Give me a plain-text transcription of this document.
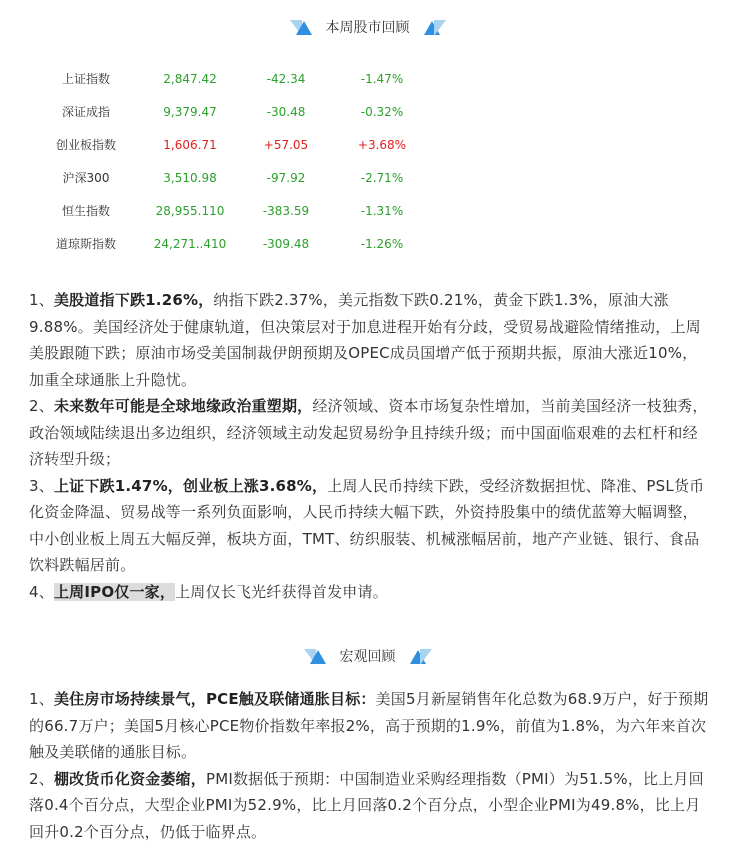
本周股市回顾
上证指数	2,847.42	-42.34	-1.47%
深证成指	9,379.47	-30.48	-0.32%
创业板指数	1,606.71	+57.05	+3.68%
沪深300	3,510.98	-97.92	-2.71%
恒生指数	28,955.110	-383.59	-1.31%
道琼斯指数	24,271..410	-309.48	-1.26%

1、美股道指下跌1.26%，纳指下跌2.37%，美元指数下跌0.21%，黄金下跌1.3%，原油大涨9.88%。美国经济处于健康轨道，但决策层对于加息进程开始有分歧，受贸易战避险情绪推动，上周美股跟随下跌；原油市场受美国制裁伊朗预期及OPEC成员国增产低于预期共振，原油大涨近10%，加重全球通胀上升隐忧。

2、未来数年可能是全球地缘政治重塑期，经济领域、资本市场复杂性增加，当前美国经济一枝独秀，政治领域陆续退出多边组织，经济领域主动发起贸易纷争且持续升级；而中国面临艰难的去杠杆和经济转型升级；

3、上证下跌1.47%，创业板上涨3.68%，上周人民币持续下跌，受经济数据担忧、降准、PSL货币化资金降温、贸易战等一系列负面影响，人民币持续大幅下跌，外资持股集中的绩优蓝筹大幅调整，中小创业板上周五大幅反弹，板块方面，TMT、纺织服装、机械涨幅居前，地产产业链、银行、食品饮料跌幅居前。

4、上周IPO仅一家，上周仅长飞光纤获得首发申请。

宏观回顾

1、美住房市场持续景气，PCE触及联储通胀目标：美国5月新屋销售年化总数为68.9万户，好于预期的66.7万户；美国5月核心PCE物价指数年率报2%，高于预期的1.9%，前值为1.8%，为六年来首次触及美联储的通胀目标。

2、棚改货币化资金萎缩，PMI数据低于预期：中国制造业采购经理指数（PMI）为51.5%，比上月回落0.4个百分点，大型企业PMI为52.9%，比上月回落0.2个百分点，小型企业PMI为49.8%，比上月回升0.2个百分点，仍低于临界点。
